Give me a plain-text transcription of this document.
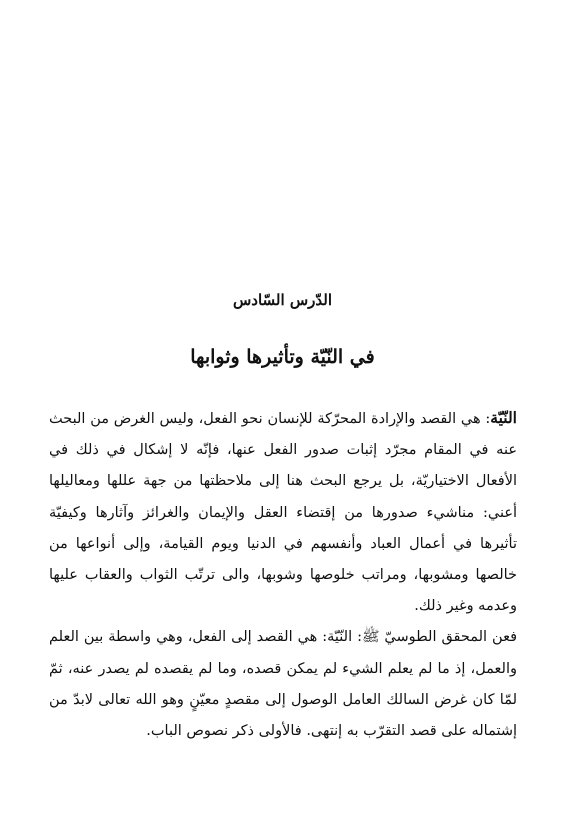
الدّرس السّادس
في النّيّة وتأثيرها وثوابها

النّيّة: هي القصد والإرادة المحرّكة للإنسان نحو الفعل، وليس الغرض من البحث عنه في المقام مجرّد إثبات صدور الفعل عنها، فإنّه لا إشكال في ذلك في الأفعال الاختياريّة، بل يرجع البحث هنا إلى ملاحظتها من جهة عللها ومعاليلها أعني: مناشيء صدورها من إقتضاء العقل والإيمان والغرائز وآثارها وكيفيّة تأثيرها في أعمال العباد وأنفسهم في الدنيا ويوم القيامة، وإلى أنواعها من خالصها ومشوبها، ومراتب خلوصها وشوبها، والى ترتّب الثواب والعقاب عليها وعدمه وغير ذلك.

فعن المحقق الطوسيّ ﷺ: النّيّة: هي القصد إلى الفعل، وهي واسطة بين العلم والعمل، إذ ما لم يعلم الشيء لم يمكن قصده، وما لم يقصده لم يصدر عنه، ثمّ لمّا كان غرض السالك العامل الوصول إلى مقصدٍ معيّنٍ وهو الله تعالى لابدّ من إشتماله على قصد التقرّب به إنتهى. فالأولى ذكر نصوص الباب.
